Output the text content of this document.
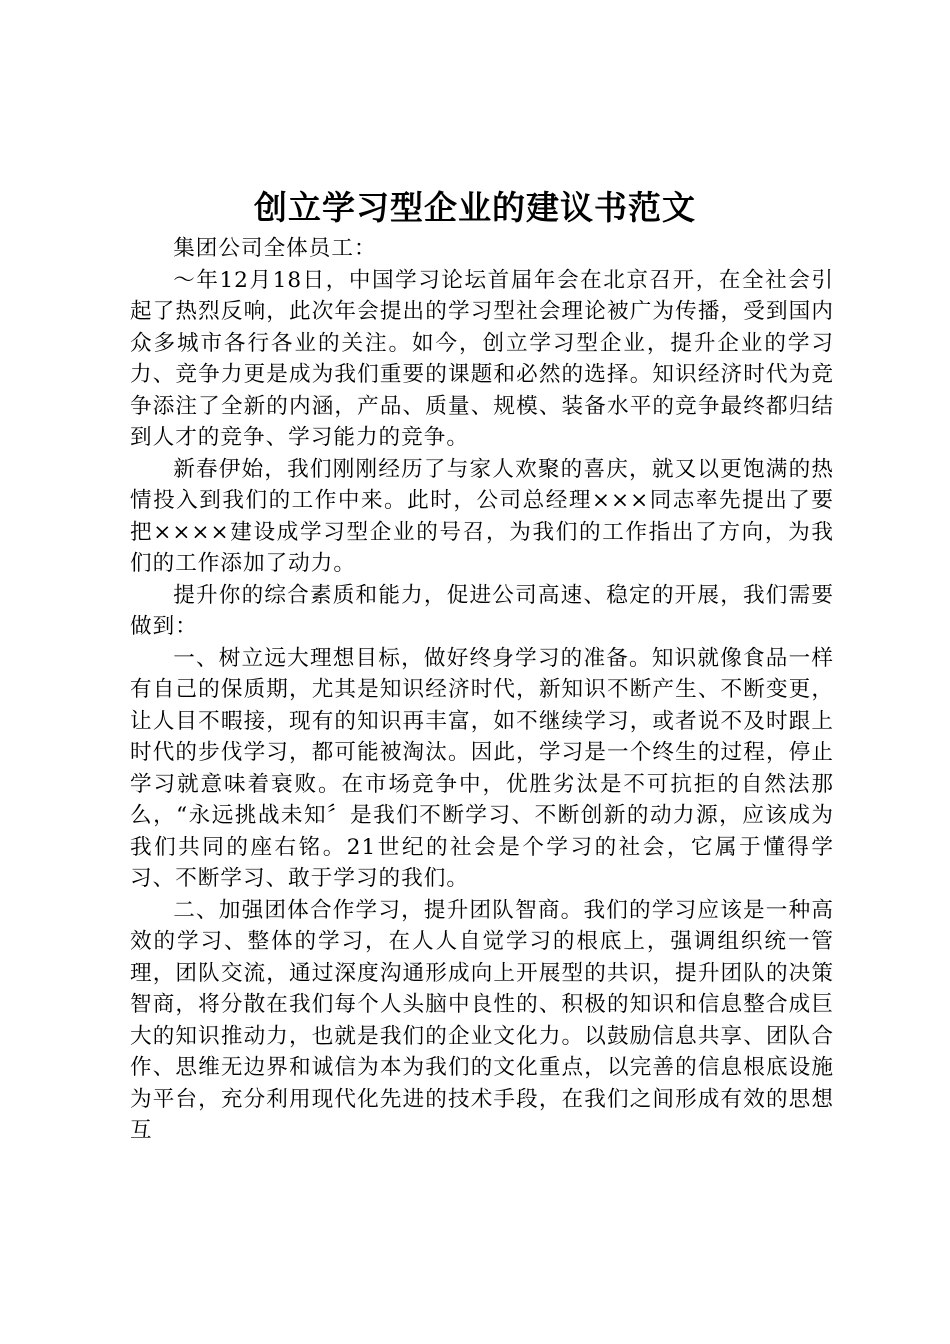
创立学习型企业的建议书范文

集团公司全体员工：

～年12月18日，中国学习论坛首届年会在北京召开，在全社会引起了热烈反响，此次年会提出的学习型社会理论被广为传播，受到国内众多城市各行各业的关注。如今，创立学习型企业，提升企业的学习力、竞争力更是成为我们重要的课题和必然的选择。知识经济时代为竞争添注了全新的内涵，产品、质量、规模、装备水平的竞争最终都归结到人才的竞争、学习能力的竞争。

新春伊始，我们刚刚经历了与家人欢聚的喜庆，就又以更饱满的热情投入到我们的工作中来。此时，公司总经理×××同志率先提出了要把××××建设成学习型企业的号召，为我们的工作指出了方向，为我们的工作添加了动力。

提升你的综合素质和能力，促进公司高速、稳定的开展，我们需要做到：

一、树立远大理想目标，做好终身学习的准备。知识就像食品一样有自己的保质期，尤其是知识经济时代，新知识不断产生、不断变更，让人目不暇接，现有的知识再丰富，如不继续学习，或者说不及时跟上时代的步伐学习，都可能被淘汰。因此，学习是一个终生的过程，停止学习就意味着衰败。在市场竞争中，优胜劣汰是不可抗拒的自然法那么，“永远挑战未知〞是我们不断学习、不断创新的动力源，应该成为我们共同的座右铭。21世纪的社会是个学习的社会，它属于懂得学习、不断学习、敢于学习的我们。

二、加强团体合作学习，提升团队智商。我们的学习应该是一种高效的学习、整体的学习，在人人自觉学习的根底上，强调组织统一管理，团队交流，通过深度沟通形成向上开展型的共识，提升团队的决策智商，将分散在我们每个人头脑中良性的、积极的知识和信息整合成巨大的知识推动力，也就是我们的企业文化力。以鼓励信息共享、团队合作、思维无边界和诚信为本为我们的文化重点，以完善的信息根底设施为平台，充分利用现代化先进的技术手段，在我们之间形成有效的思想互
